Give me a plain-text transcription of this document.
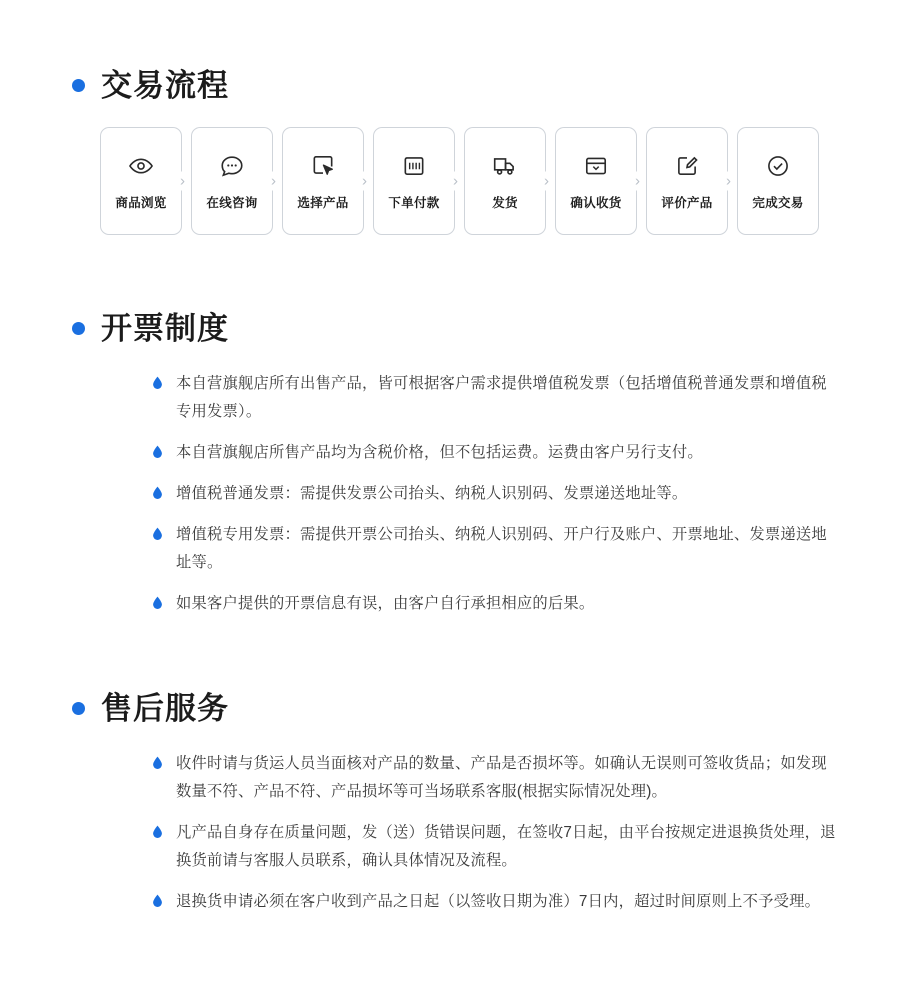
交易流程
商品浏览
›
在线咨询
›
选择产品
›
下单付款
›
发货
›
确认收货
›
评价产品
›
完成交易
开票制度
本自营旗舰店所有出售产品，皆可根据客户需求提供增值税发票（包括增值税普通发票和增值税专用发票）。
本自营旗舰店所售产品均为含税价格，但不包括运费。运费由客户另行支付。
增值税普通发票：需提供发票公司抬头、纳税人识别码、发票递送地址等。
增值税专用发票：需提供开票公司抬头、纳税人识别码、开户行及账户、开票地址、发票递送地址等。
如果客户提供的开票信息有误，由客户自行承担相应的后果。
售后服务
收件时请与货运人员当面核对产品的数量、产品是否损坏等。如确认无误则可签收货品；如发现数量不符、产品不符、产品损坏等可当场联系客服(根据实际情况处理)。
凡产品自身存在质量问题，发（送）货错误问题，在签收7日起，由平台按规定进退换货处理，退换货前请与客服人员联系，确认具体情况及流程。
退换货申请必须在客户收到产品之日起（以签收日期为准）7日内，超过时间原则上不予受理。
